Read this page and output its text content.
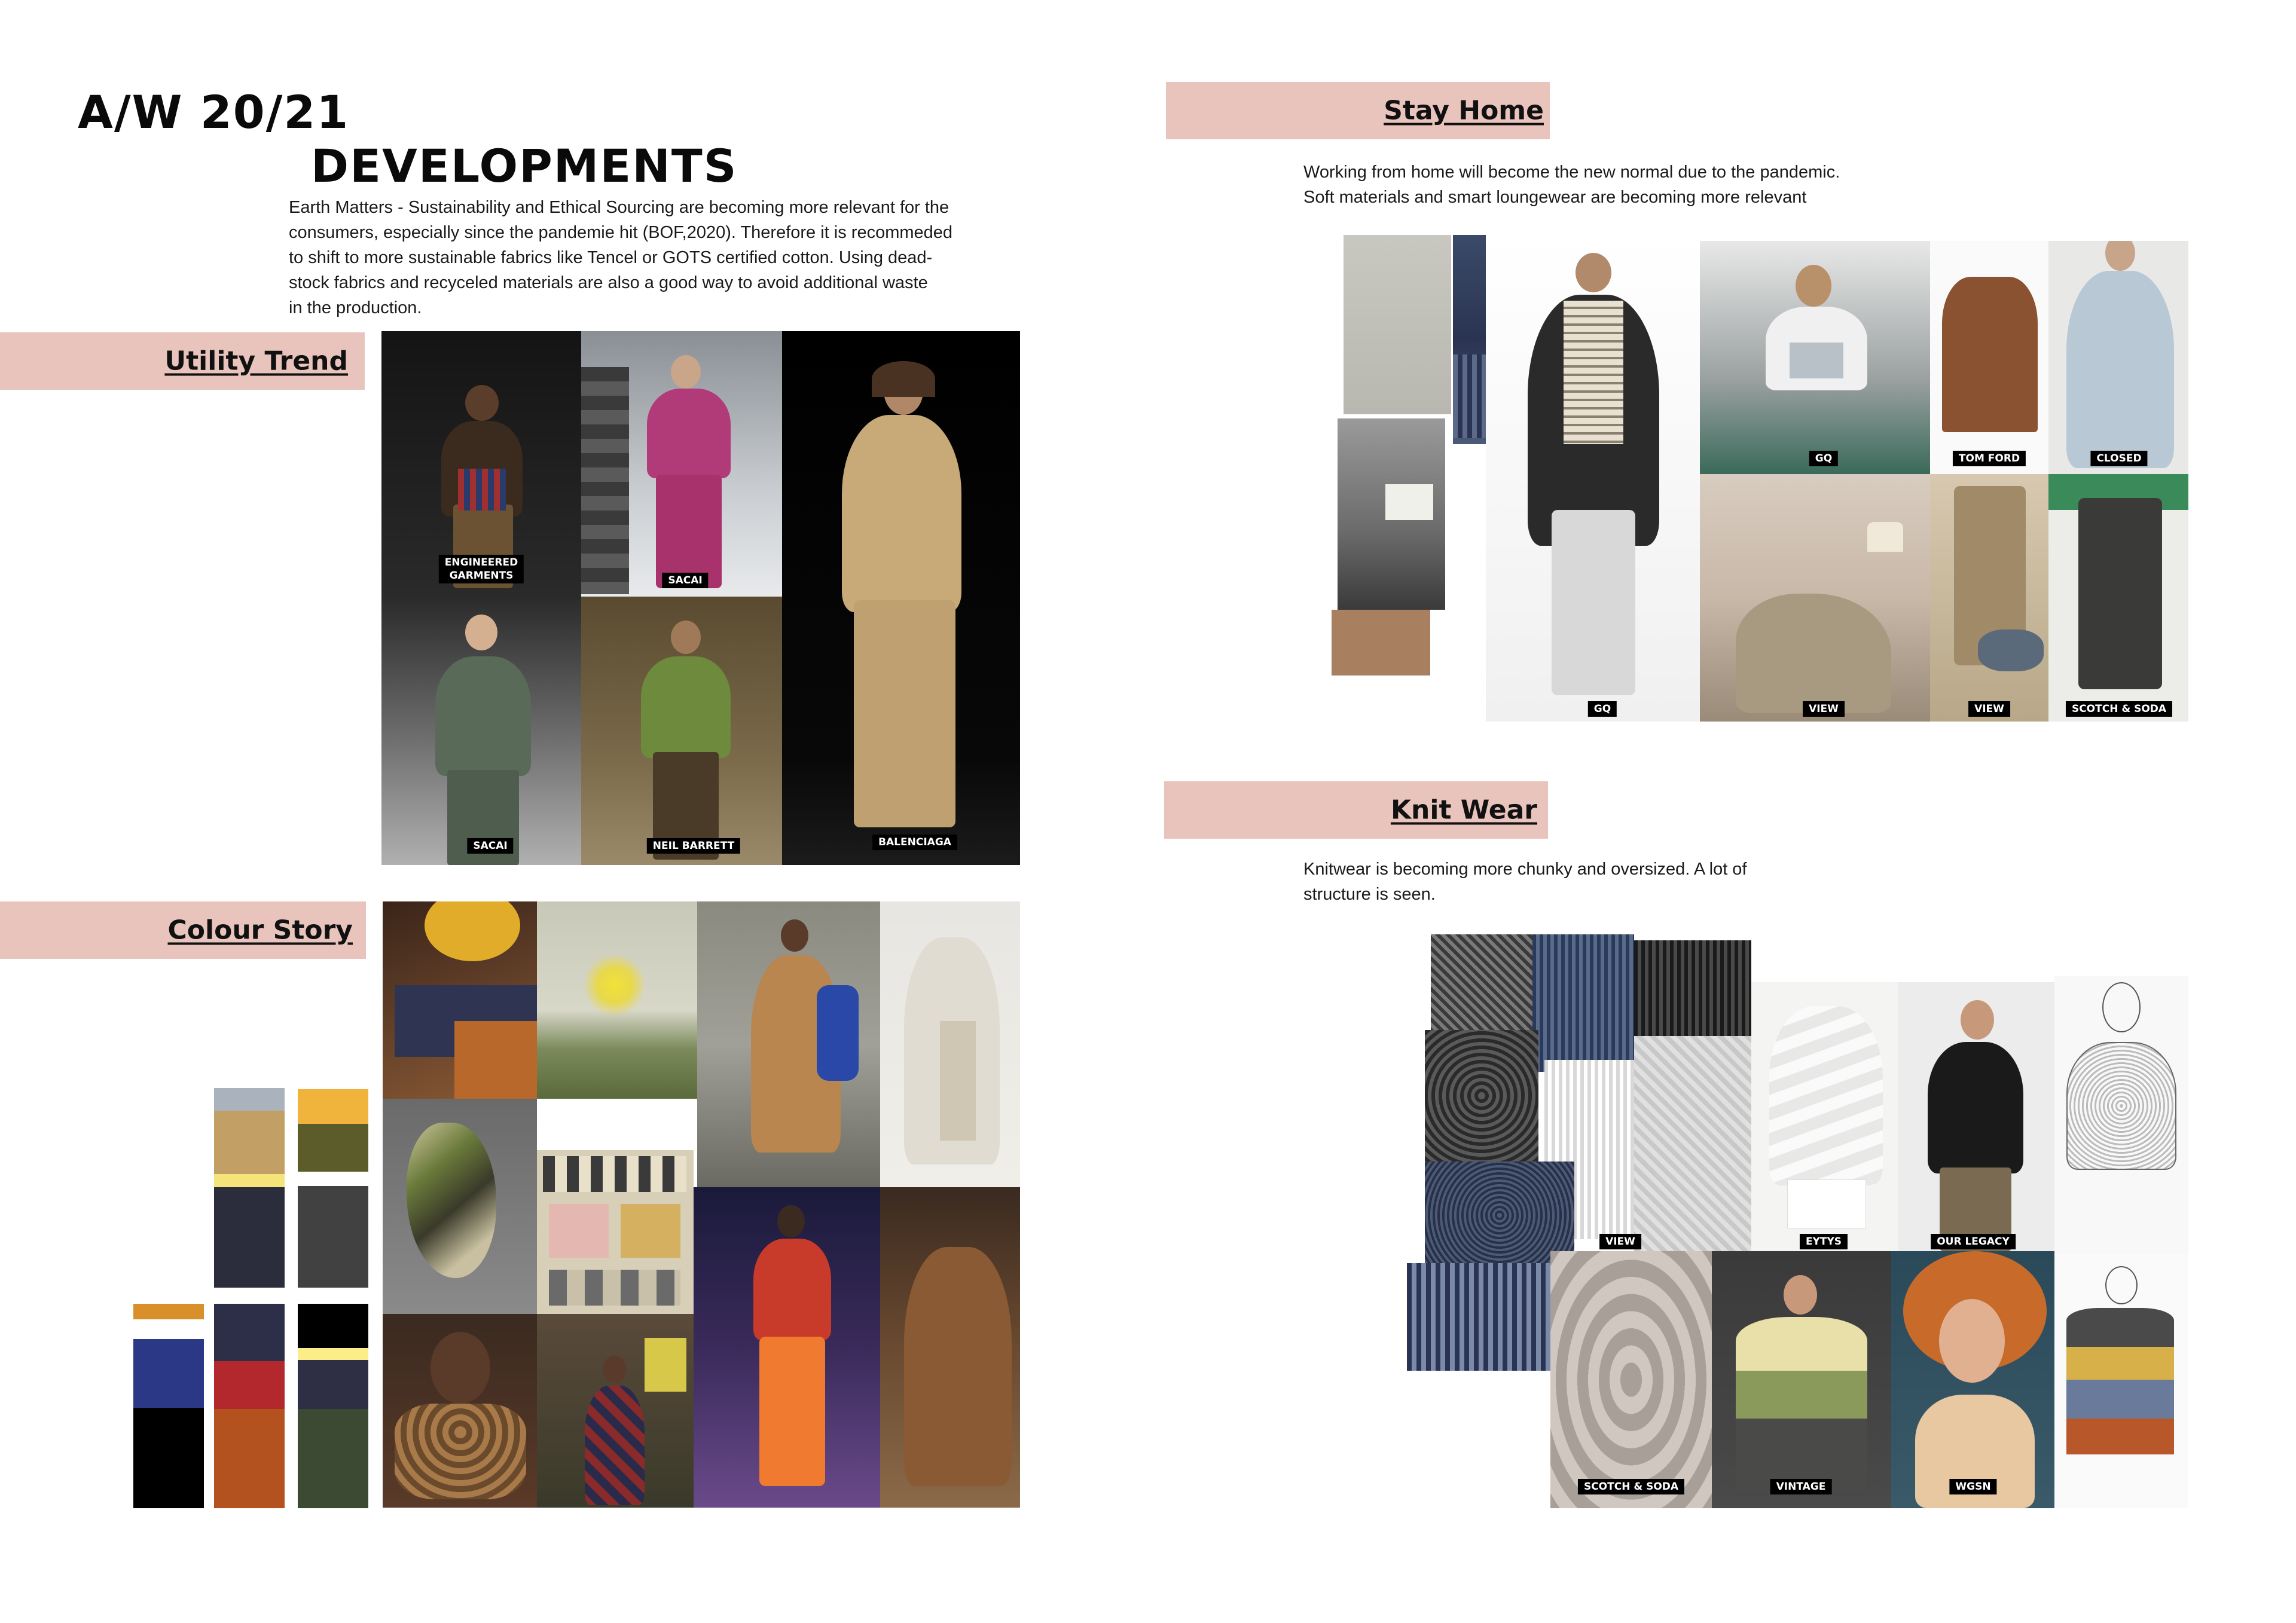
A/W 20/21
DEVELOPMENTS
Earth Matters - Sustainability and Ethical Sourcing are becoming more relevant for the
consumers, especially since the pandemie hit (BOF,2020). Therefore it is recommeded
to shift to more sustainable fabrics like Tencel or GOTS certified cotton. Using dead-
stock fabrics and recyceled materials are also a good way to avoid additional waste
in the production.
Utility Trend
ENGINEERED
GARMENTS	SACAI
BALENCIAGA
SACAI	NEIL BARRETT
Colour Story
Stay Home
Working from home will become the new normal due to the pandemic.
Soft materials and smart loungewear are becoming more relevant
GQ
GQ	TOM FORD	CLOSED
VIEW	VIEW	SCOTCH & SODA
Knit Wear
Knitwear is becoming more chunky and oversized. A lot of
structure is seen.
VIEW	EYTYS	OUR LEGACY
SCOTCH & SODA	VINTAGE	WGSN
